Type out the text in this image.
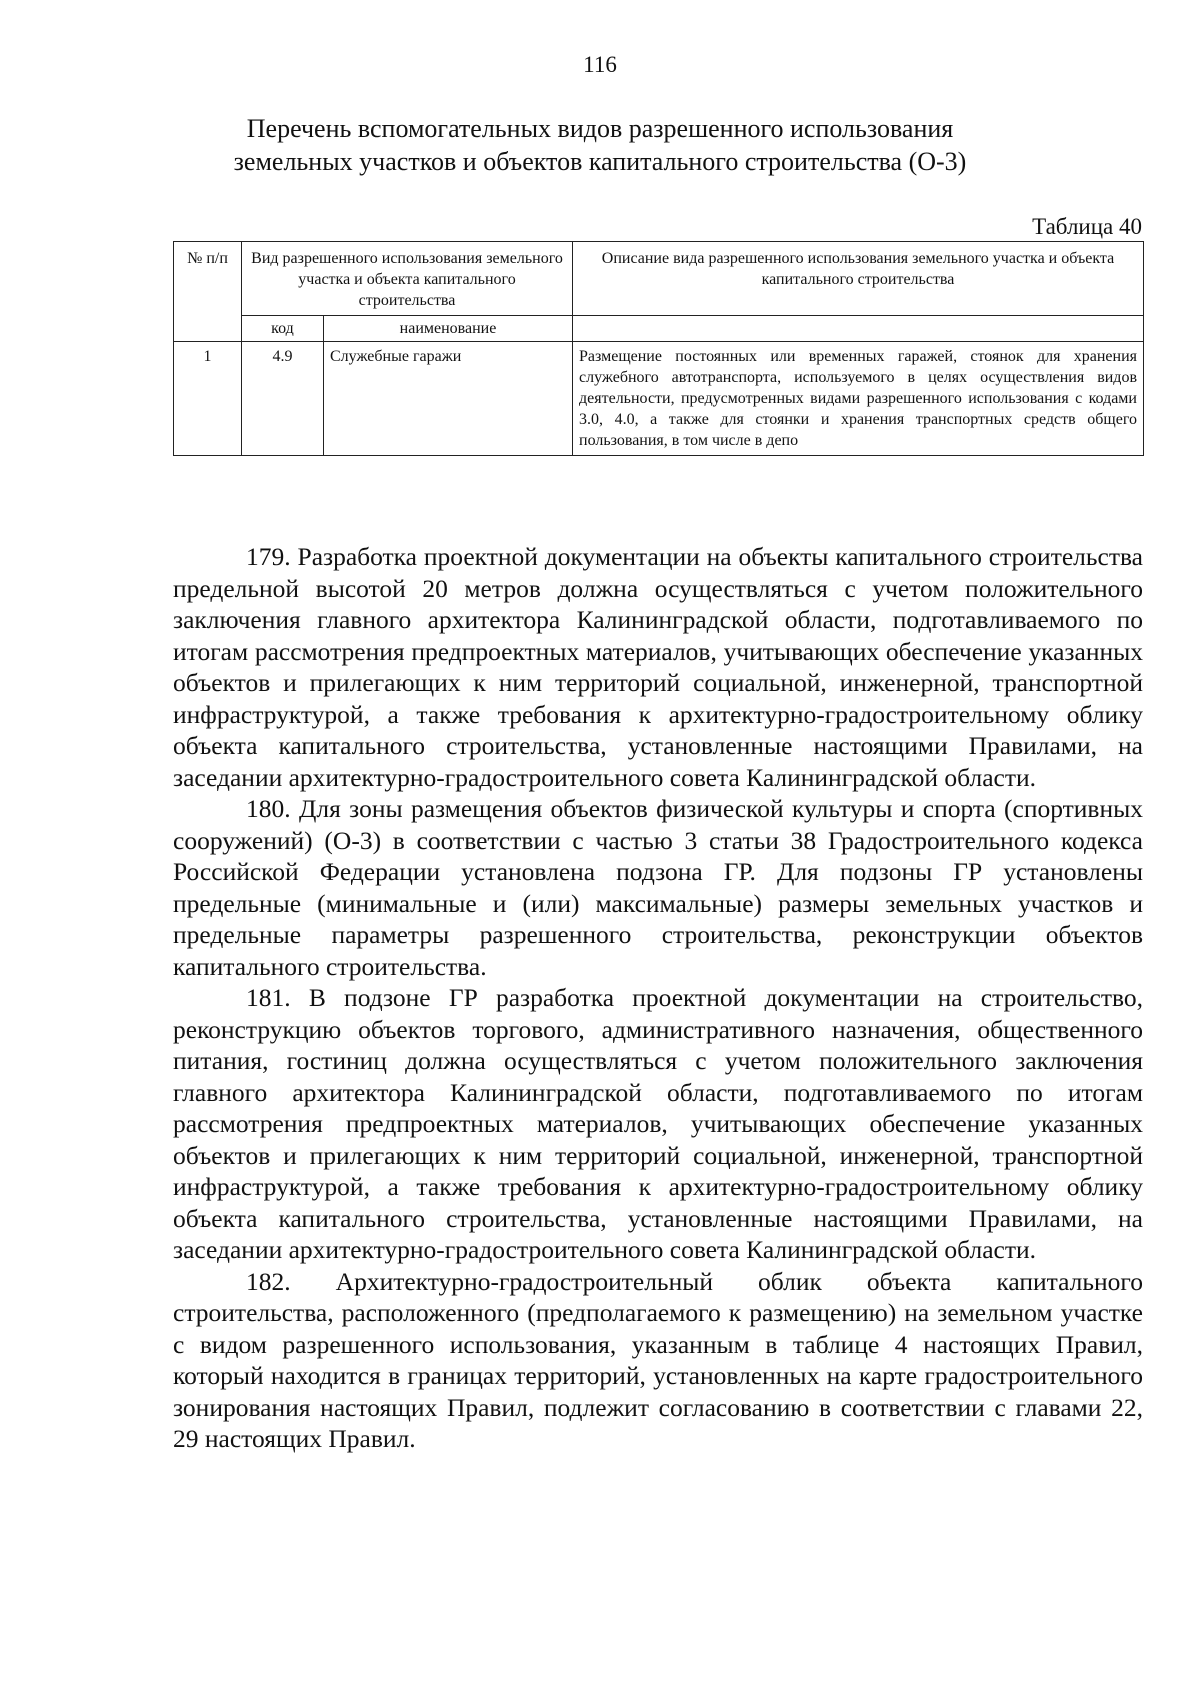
116
Перечень вспомогательных видов разрешенного использования
земельных участков и объектов капитального строительства (О-3)
Таблица 40
№ п/п	Вид разрешенного использования земельного участка и объекта капитального строительства		Описание вида разрешенного использования земельного участка и объекта капитального строительства
	код	наименование	
1	4.9	Служебные гаражи	Размещение постоянных или временных гаражей, стоянок для хранения служебного автотранспорта, используемого в целях осуществления видов деятельности, предусмотренных видами разрешенного использования с кодами 3.0, 4.0, а также для стоянки и хранения транспортных средств общего пользования, в том числе в депо

179. Разработка проектной документации на объекты капитального строительства предельной высотой 20 метров должна осуществляться с учетом положительного заключения главного архитектора Калининградской области, подготавливаемого по итогам рассмотрения предпроектных материалов, учитывающих обеспечение указанных объектов и прилегающих к ним территорий социальной, инженерной, транспортной инфраструктурой, а также требования к архитектурно-градостроительному облику объекта капитального строительства, установленные настоящими Правилами, на заседании архитектурно-градостроительного совета Калининградской области.

180. Для зоны размещения объектов физической культуры и спорта (спортивных сооружений) (О-3) в соответствии с частью 3 статьи 38 Градостроительного кодекса Российской Федерации установлена подзона ГР. Для подзоны ГР установлены предельные (минимальные и (или) максимальные) размеры земельных участков и предельные параметры разрешенного строительства, реконструкции объектов капитального строительства.

181. В подзоне ГР разработка проектной документации на строительство, реконструкцию объектов торгового, административного назначения, общественного питания, гостиниц должна осуществляться с учетом положительного заключения главного архитектора Калининградской области, подготавливаемого по итогам рассмотрения предпроектных материалов, учитывающих обеспечение указанных объектов и прилегающих к ним территорий социальной, инженерной, транспортной инфраструктурой, а также требования к архитектурно-градостроительному облику объекта капитального строительства, установленные настоящими Правилами, на заседании архитектурно-градостроительного совета Калининградской области.

182. Архитектурно-градостроительный облик объекта капитального строительства, расположенного (предполагаемого к размещению) на земельном участке с видом разрешенного использования, указанным в таблице 4 настоящих Правил, который находится в границах территорий, установленных на карте градостроительного зонирования настоящих Правил, подлежит согласованию в соответствии с главами 22, 29 настоящих Правил.
